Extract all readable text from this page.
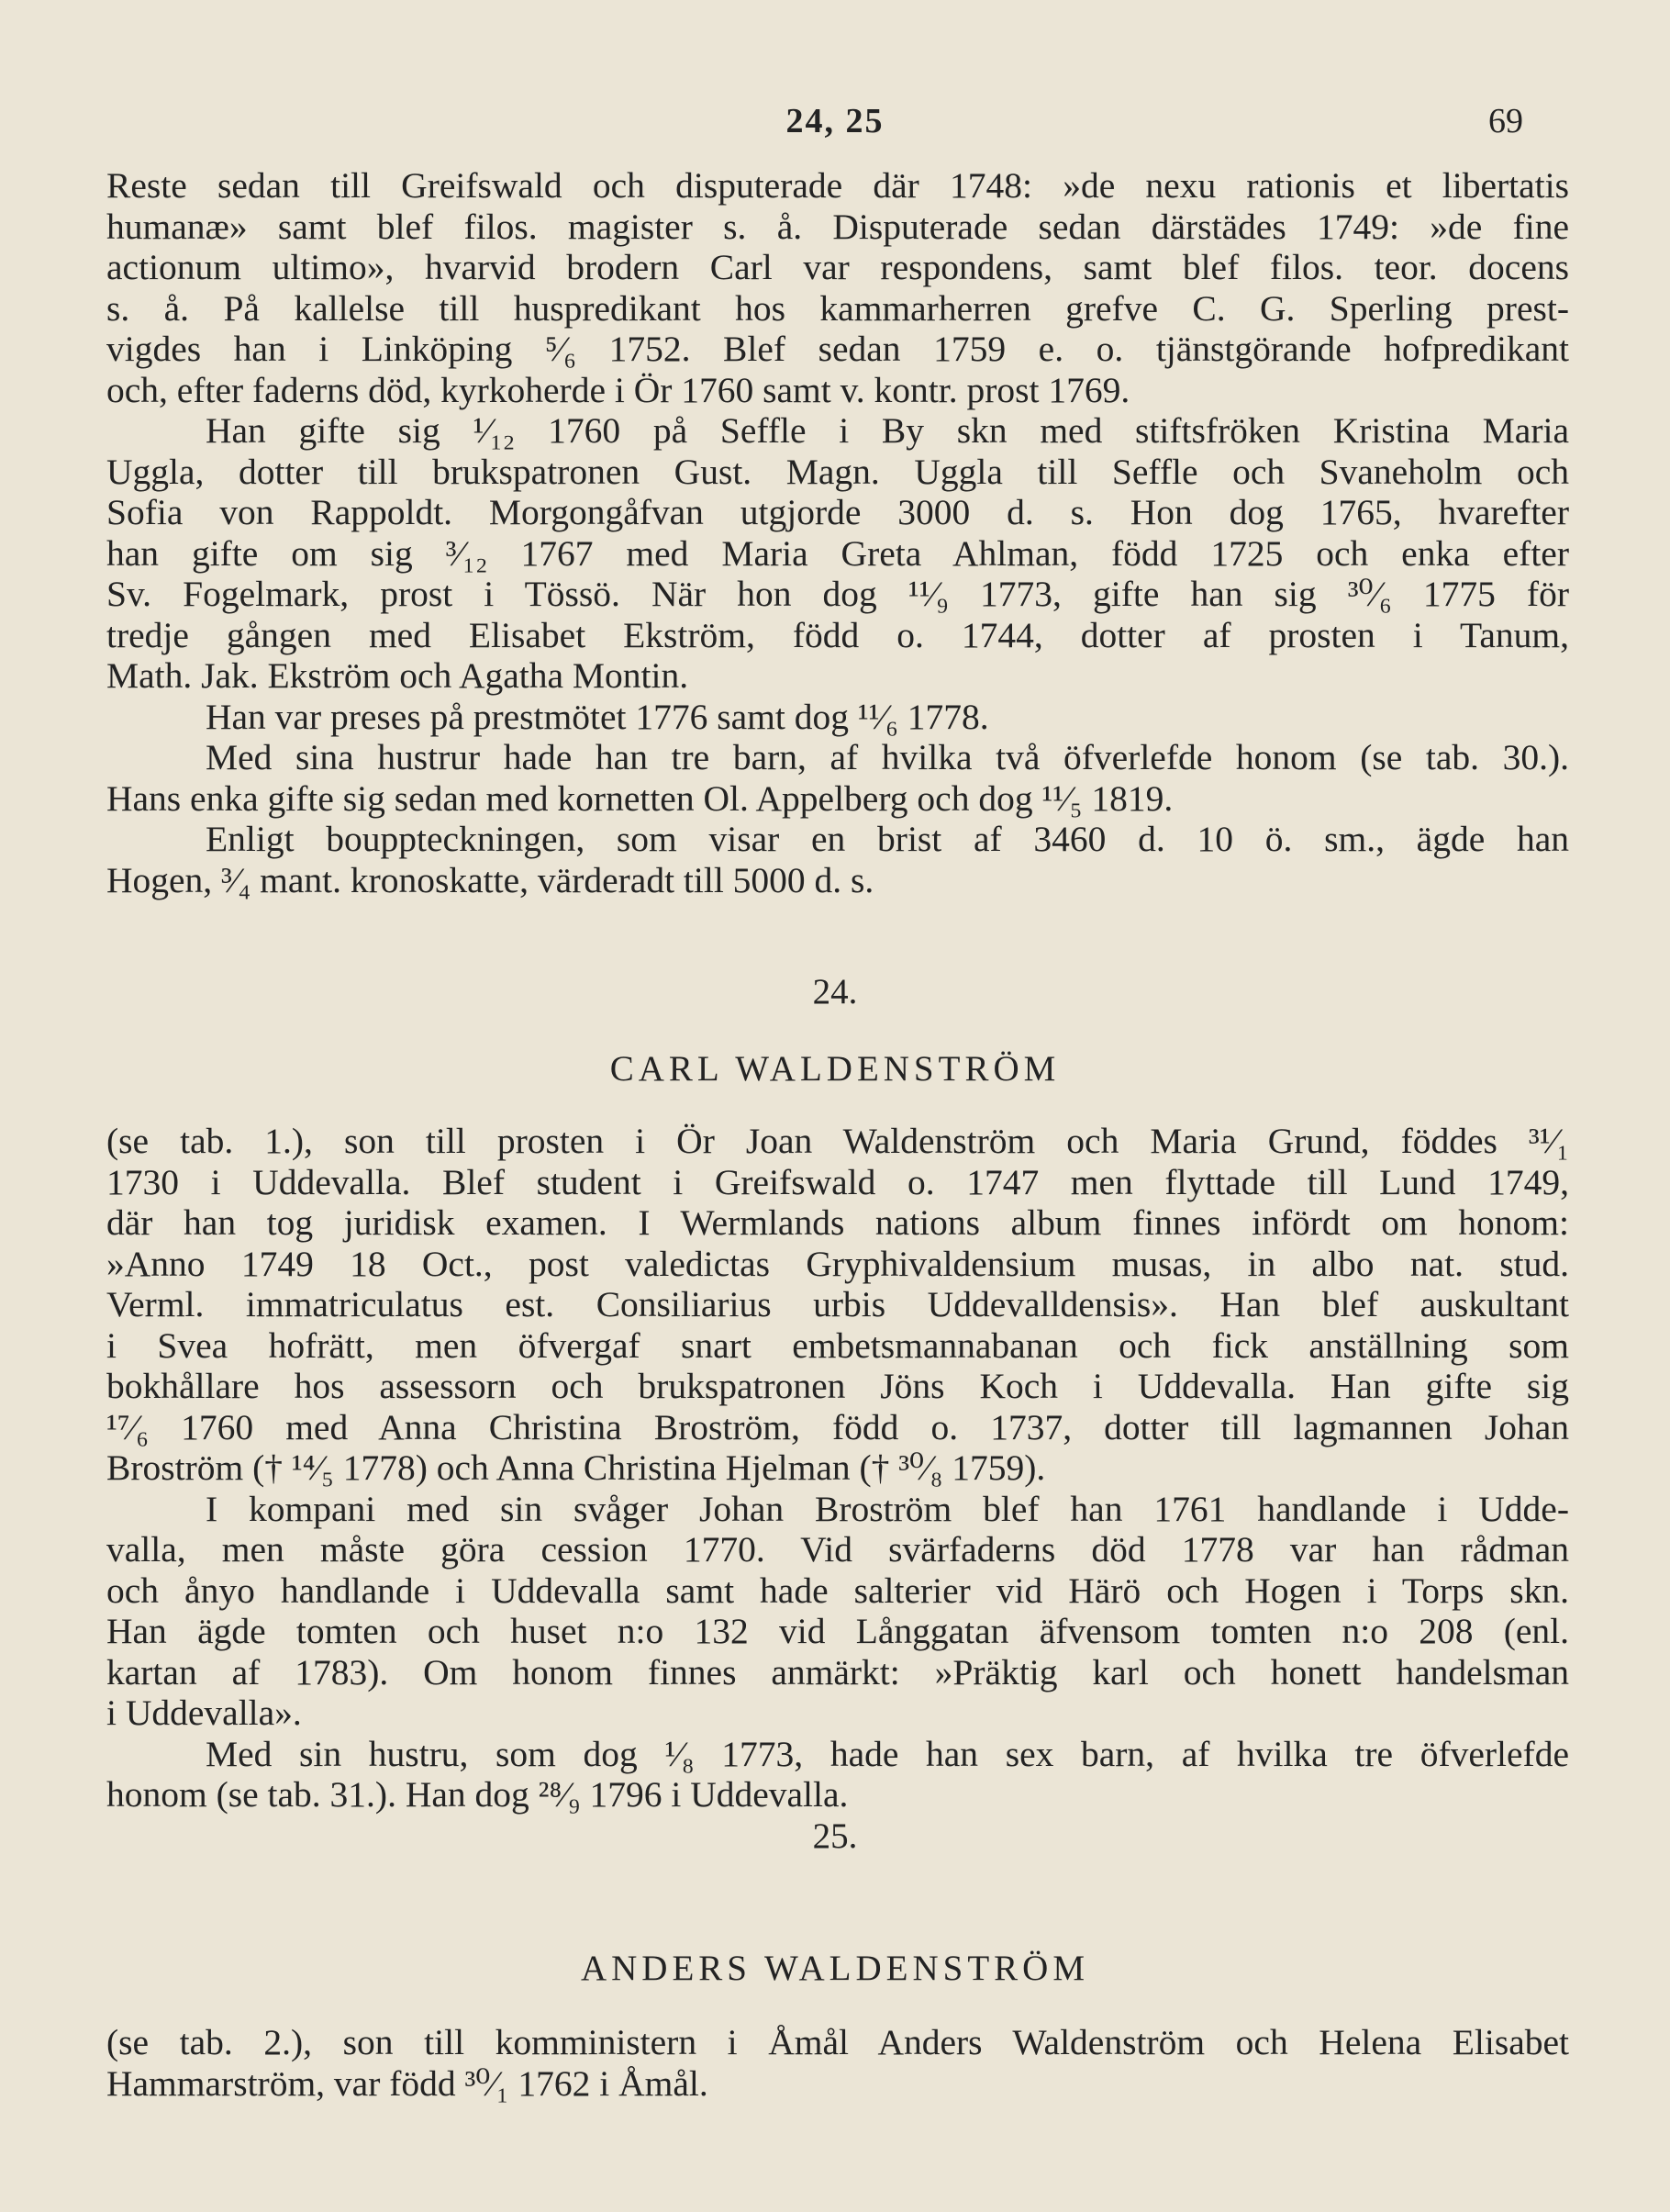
24, 25	69
Reste sedan till Greifswald och disputerade där 1748: »de nexu rationis et libertatis
humanæ» samt blef filos. magister s. å. Disputerade sedan därstädes 1749: »de fine
actionum ultimo», hvarvid brodern Carl var respondens, samt blef filos. teor. docens
s. å. På kallelse till huspredikant hos kammarherren grefve C. G. Sperling prest-
vigdes han i Linköping ⁵⁄₆ 1752. Blef sedan 1759 e. o. tjänstgörande hofpredikant
och, efter faderns död, kyrkoherde i Ör 1760 samt v. kontr. prost 1769.
Han gifte sig ¹⁄₁₂ 1760 på Seffle i By skn med stiftsfröken Kristina Maria
Uggla, dotter till brukspatronen Gust. Magn. Uggla till Seffle och Svaneholm och
Sofia von Rappoldt. Morgongåfvan utgjorde 3000 d. s. Hon dog 1765, hvarefter
han gifte om sig ³⁄₁₂ 1767 med Maria Greta Ahlman, född 1725 och enka efter
Sv. Fogelmark, prost i Tössö. När hon dog ¹¹⁄₉ 1773, gifte han sig ³⁰⁄₆ 1775 för
tredje gången med Elisabet Ekström, född o. 1744, dotter af prosten i Tanum,
Math. Jak. Ekström och Agatha Montin.
Han var preses på prestmötet 1776 samt dog ¹¹⁄₆ 1778.
Med sina hustrur hade han tre barn, af hvilka två öfverlefde honom (se tab. 30.).
Hans enka gifte sig sedan med kornetten Ol. Appelberg och dog ¹¹⁄₅ 1819.
Enligt bouppteckningen, som visar en brist af 3460 d. 10 ö. sm., ägde han
Hogen, ³⁄₄ mant. kronoskatte, värderadt till 5000 d. s.
24.
CARL WALDENSTRÖM
(se tab. 1.), son till prosten i Ör Joan Waldenström och Maria Grund, föddes ³¹⁄₁
1730 i Uddevalla. Blef student i Greifswald o. 1747 men flyttade till Lund 1749,
där han tog juridisk examen. I Wermlands nations album finnes infördt om honom:
»Anno 1749 18 Oct., post valedictas Gryphivaldensium musas, in albo nat. stud.
Verml. immatriculatus est. Consiliarius urbis Uddevalldensis». Han blef auskultant
i Svea hofrätt, men öfvergaf snart embetsmannabanan och fick anställning som
bokhållare hos assessorn och brukspatronen Jöns Koch i Uddevalla. Han gifte sig
¹⁷⁄₆ 1760 med Anna Christina Broström, född o. 1737, dotter till lagmannen Johan
Broström († ¹⁴⁄₅ 1778) och Anna Christina Hjelman († ³⁰⁄₈ 1759).
I kompani med sin svåger Johan Broström blef han 1761 handlande i Udde-
valla, men måste göra cession 1770. Vid svärfaderns död 1778 var han rådman
och ånyo handlande i Uddevalla samt hade salterier vid Härö och Hogen i Torps skn.
Han ägde tomten och huset n:o 132 vid Långgatan äfvensom tomten n:o 208 (enl.
kartan af 1783). Om honom finnes anmärkt: »Präktig karl och honett handelsman
i Uddevalla».
Med sin hustru, som dog ¹⁄₈ 1773, hade han sex barn, af hvilka tre öfverlefde
honom (se tab. 31.). Han dog ²⁸⁄₉ 1796 i Uddevalla.
25.
ANDERS WALDENSTRÖM
(se tab. 2.), son till komministern i Åmål Anders Waldenström och Helena Elisabet
Hammarström, var född ³⁰⁄₁ 1762 i Åmål.
